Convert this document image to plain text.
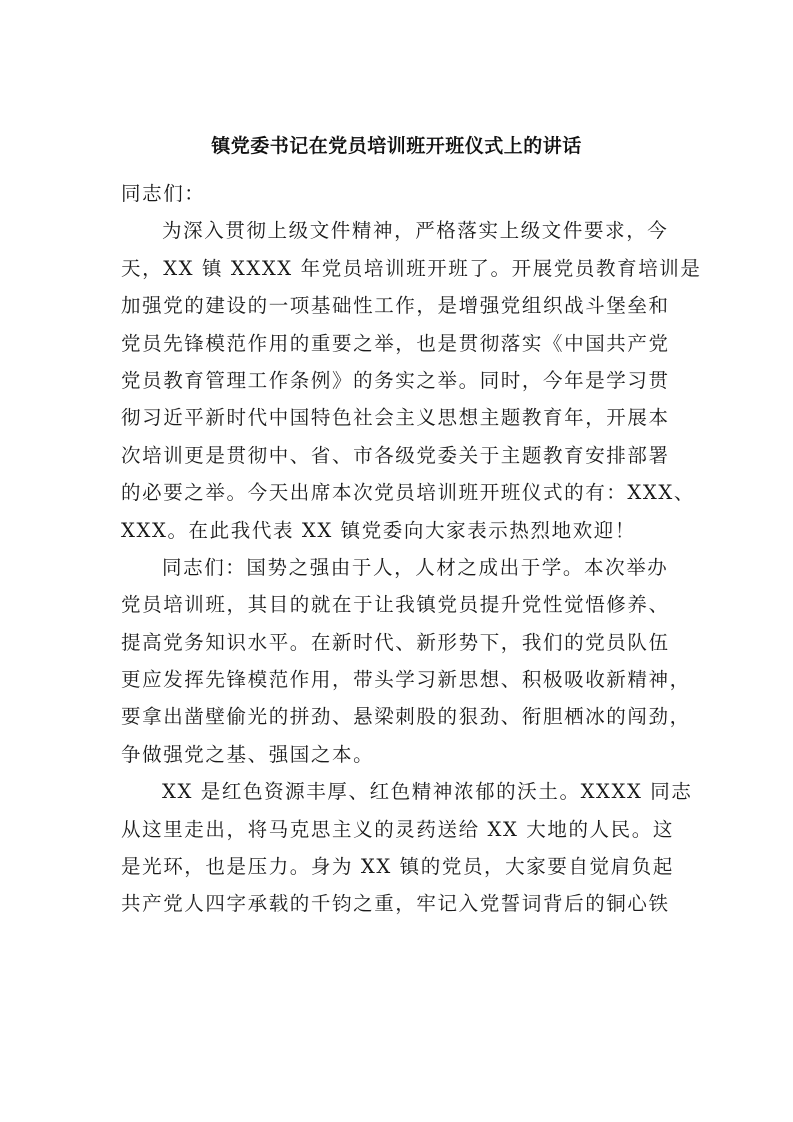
镇党委书记在党员培训班开班仪式上的讲话
同志们：
为深入贯彻上级文件精神，严格落实上级文件要求，今
天，XX 镇 XXXX 年党员培训班开班了。开展党员教育培训是
加强党的建设的一项基础性工作，是增强党组织战斗堡垒和
党员先锋模范作用的重要之举，也是贯彻落实《中国共产党
党员教育管理工作条例》的务实之举。同时，今年是学习贯
彻习近平新时代中国特色社会主义思想主题教育年，开展本
次培训更是贯彻中、省、市各级党委关于主题教育安排部署
的必要之举。今天出席本次党员培训班开班仪式的有：XXX、
XXX。在此我代表 XX 镇党委向大家表示热烈地欢迎！
同志们：国势之强由于人，人材之成出于学。本次举办
党员培训班，其目的就在于让我镇党员提升党性觉悟修养、
提高党务知识水平。在新时代、新形势下，我们的党员队伍
更应发挥先锋模范作用，带头学习新思想、积极吸收新精神，
要拿出凿壁偷光的拼劲、悬梁刺股的狠劲、衔胆栖冰的闯劲，
争做强党之基、强国之本。
XX 是红色资源丰厚、红色精神浓郁的沃土。XXXX 同志
从这里走出，将马克思主义的灵药送给 XX 大地的人民。这
是光环，也是压力。身为 XX 镇的党员，大家要自觉肩负起
共产党人四字承载的千钧之重，牢记入党誓词背后的铜心铁
